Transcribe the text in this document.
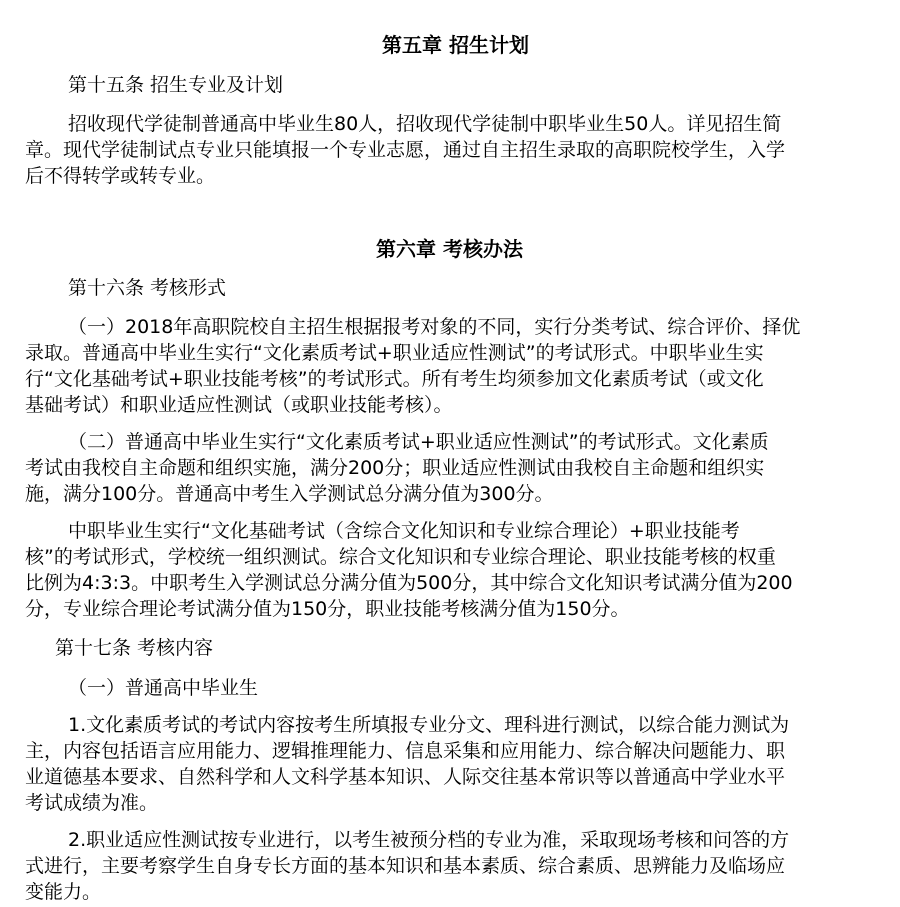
第五章 招生计划
第十五条 招生专业及计划
招收现代学徒制普通高中毕业生80人，招收现代学徒制中职毕业生50人。详见招生简
章。现代学徒制试点专业只能填报一个专业志愿，通过自主招生录取的高职院校学生，入学
后不得转学或转专业。
第六章 考核办法
第十六条 考核形式
（一）2018年高职院校自主招生根据报考对象的不同，实行分类考试、综合评价、择优
录取。普通高中毕业生实行“文化素质考试+职业适应性测试”的考试形式。中职毕业生实
行“文化基础考试+职业技能考核”的考试形式。所有考生均须参加文化素质考试（或文化
基础考试）和职业适应性测试（或职业技能考核）。
（二）普通高中毕业生实行“文化素质考试+职业适应性测试”的考试形式。文化素质
考试由我校自主命题和组织实施，满分200分；职业适应性测试由我校自主命题和组织实
施，满分100分。普通高中考生入学测试总分满分值为300分。
中职毕业生实行“文化基础考试（含综合文化知识和专业综合理论）+职业技能考
核”的考试形式，学校统一组织测试。综合文化知识和专业综合理论、职业技能考核的权重
比例为4:3:3。中职考生入学测试总分满分值为500分，其中综合文化知识考试满分值为200
分，专业综合理论考试满分值为150分，职业技能考核满分值为150分。
第十七条 考核内容
（一）普通高中毕业生
1.文化素质考试的考试内容按考生所填报专业分文、理科进行测试，以综合能力测试为
主，内容包括语言应用能力、逻辑推理能力、信息采集和应用能力、综合解决问题能力、职
业道德基本要求、自然科学和人文科学基本知识、人际交往基本常识等以普通高中学业水平
考试成绩为准。
2.职业适应性测试按专业进行，以考生被预分档的专业为准，采取现场考核和问答的方
式进行，主要考察学生自身专长方面的基本知识和基本素质、综合素质、思辨能力及临场应
变能力。
